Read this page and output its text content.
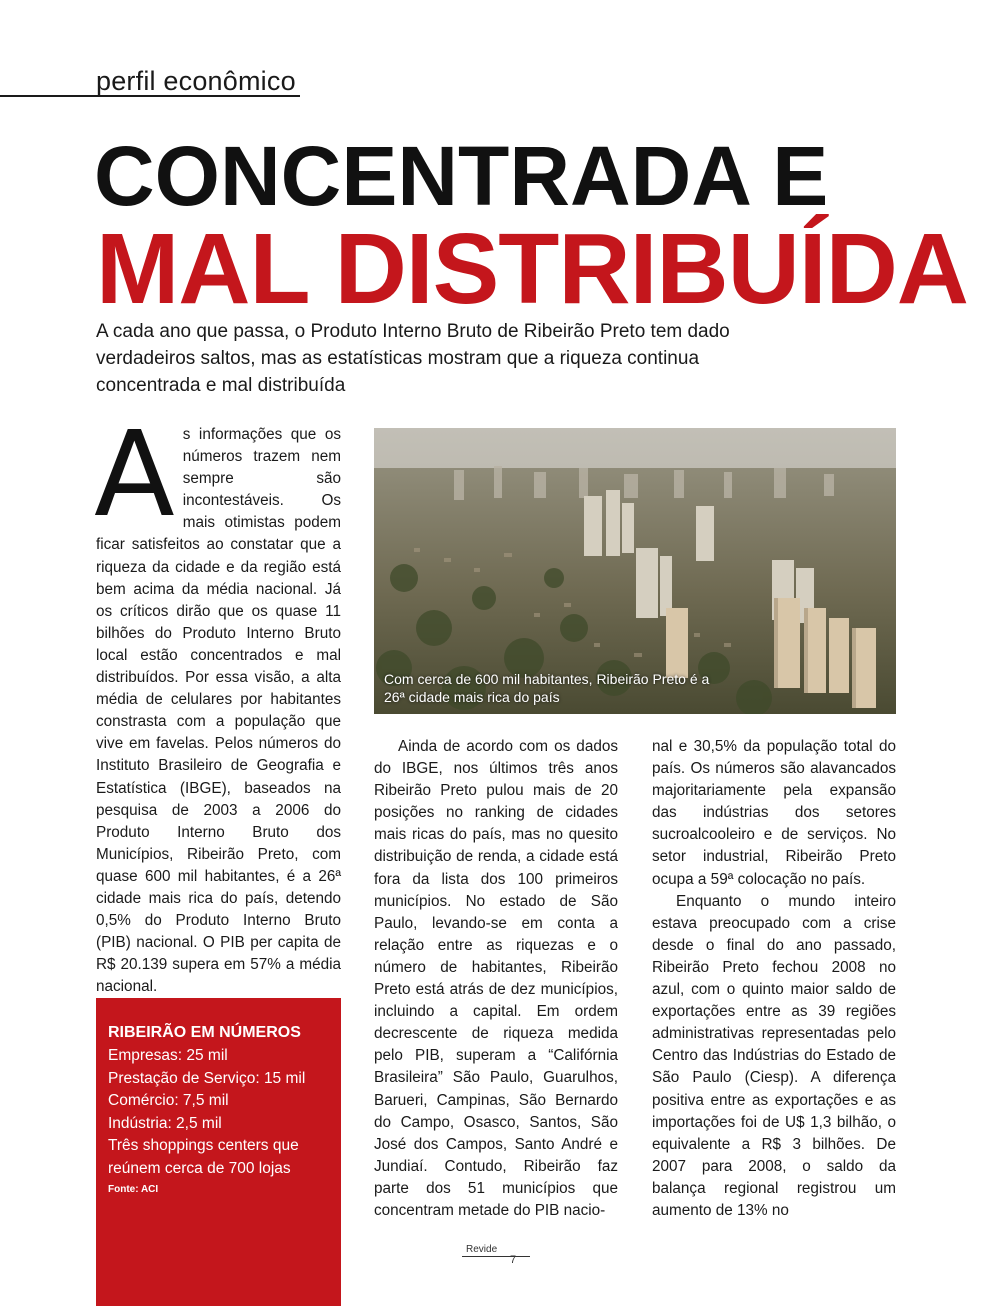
perfil econômico
CONCENTRADA E
MAL DISTRIBUÍDA

A cada ano que passa, o Produto Interno Bruto de Ribeirão Preto tem dado verdadeiros saltos, mas as estatísticas mostram que a riqueza continua concentrada e mal distribuída

A s informações que os números trazem nem sempre são incontestáveis. Os mais otimistas podem ficar satisfeitos ao constatar que a riqueza da cidade e da região está bem acima da média nacional. Já os críticos dirão que os quase 11 bilhões do Produto Interno Bruto local estão concentrados e mal distribuídos. Por essa visão, a alta média de celulares por habitantes constrasta com a população que vive em favelas. Pelos números do Instituto Brasileiro de Geografia e Estatística (IBGE), baseados na pesquisa de 2003 a 2006 do Produto Interno Bruto dos Municípios, Ribeirão Preto, com quase 600 mil habitantes, é a 26ª cidade mais rica do país, detendo 0,5% do Produto Interno Bruto (PIB) nacional. O PIB per capita de R$ 20.139 supera em 57% a média nacional.

Com cerca de 600 mil habitantes, Ribeirão Preto é a 26ª cidade mais rica do país

Ainda de acordo com os dados do IBGE, nos últimos três anos Ribeirão Preto pulou mais de 20 posições no ranking de cidades mais ricas do país, mas no quesito distribuição de renda, a cidade está fora da lista dos 100 primeiros municípios. No estado de São Paulo, levando-se em conta a relação entre as riquezas e o número de habitantes, Ribeirão Preto está atrás de dez municípios, incluindo a capital. Em ordem decrescente de riqueza medida pelo PIB, superam a “Califórnia Brasileira” São Paulo, Guarulhos, Barueri, Campinas, São Bernardo do Campo, Osasco, Santos, São José dos Campos, Santo André e Jundiaí. Contudo, Ribeirão faz parte dos 51 municípios que concentram metade do PIB nacio-

nal e 30,5% da população total do país. Os números são alavancados majoritariamente pela expansão das indústrias dos setores sucroalcooleiro e de serviços. No setor industrial, Ribeirão Preto ocupa a 59ª colocação no país.

Enquanto o mundo inteiro estava preocupado com a crise desde o final do ano passado, Ribeirão Preto fechou 2008 no azul, com o quinto maior saldo de exportações entre as 39 regiões administrativas representadas pelo Centro das Indústrias do Estado de São Paulo (Ciesp). A diferença positiva entre as exportações e as importações foi de U$ 1,3 bilhão, o equivalente a R$ 3 bilhões. De 2007 para 2008, o saldo da balança regional registrou um aumento de 13% no

RIBEIRÃO EM NÚMEROS
Empresas: 25 mil
Prestação de Serviço: 15 mil
Comércio: 7,5 mil
Indústria: 2,5 mil
Três shoppings centers que reúnem cerca de 700 lojas
Fonte: ACI
Revide
7
